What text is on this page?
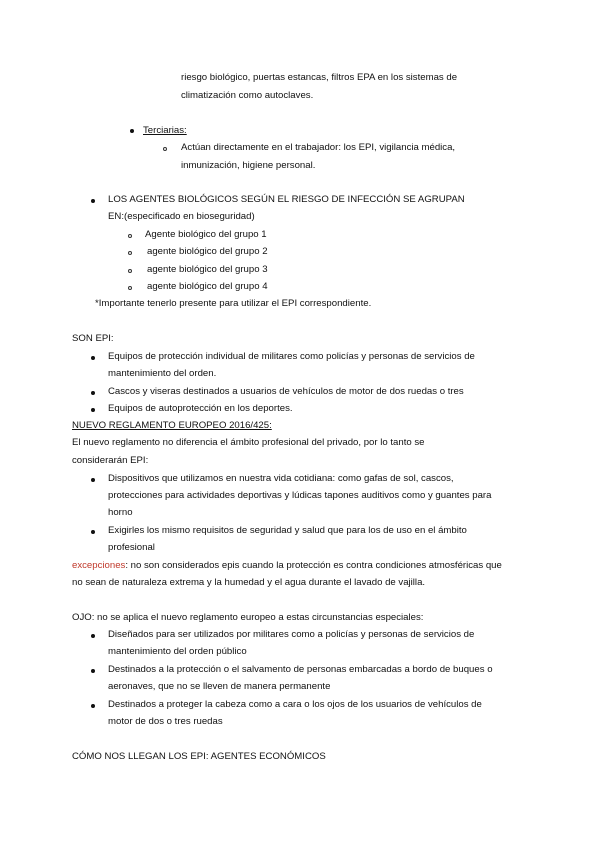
riesgo biológico, puertas estancas, filtros EPA en los sistemas de
climatización como autoclaves.
Terciarias:
Actúan directamente en el trabajador: los EPI, vigilancia médica,
inmunización, higiene personal.
LOS AGENTES BIOLÓGICOS SEGÚN EL RIESGO DE INFECCIÓN SE AGRUPAN
EN:(especificado en bioseguridad)
Agente biológico del grupo 1
agente biológico del grupo 2
agente biológico del grupo 3
agente biológico del grupo 4
*Importante tenerlo presente para utilizar el EPI correspondiente.
SON EPI:
Equipos de protección individual de militares como policías y personas de servicios de
mantenimiento del orden.
Cascos y viseras destinados a usuarios de vehículos de motor de dos ruedas o tres
Equipos de autoprotección en los deportes.
NUEVO REGLAMENTO EUROPEO 2016/425:
El nuevo reglamento no diferencia el ámbito profesional del privado, por lo tanto se
considerarán EPI:
Dispositivos que utilizamos en nuestra vida cotidiana: como gafas de sol, cascos,
protecciones para actividades deportivas y lúdicas tapones auditivos como y guantes para
horno
Exigirles los mismo requisitos de seguridad y salud que para los de uso en el ámbito
profesional
excepciones: no son considerados epis cuando la protección es contra condiciones atmosféricas que
no sean de naturaleza extrema y la humedad y el agua durante el lavado de vajilla.
OJO: no se aplica el nuevo reglamento europeo a estas circunstancias especiales:
Diseñados para ser utilizados por militares como a policías y personas de servicios de
mantenimiento del orden público
Destinados a la protección o el salvamento de personas embarcadas a bordo de buques o
aeronaves, que no se lleven de manera permanente
Destinados a proteger la cabeza como a cara o los ojos de los usuarios de vehículos de
motor de dos o tres ruedas
CÓMO NOS LLEGAN LOS EPI: AGENTES ECONÓMICOS
